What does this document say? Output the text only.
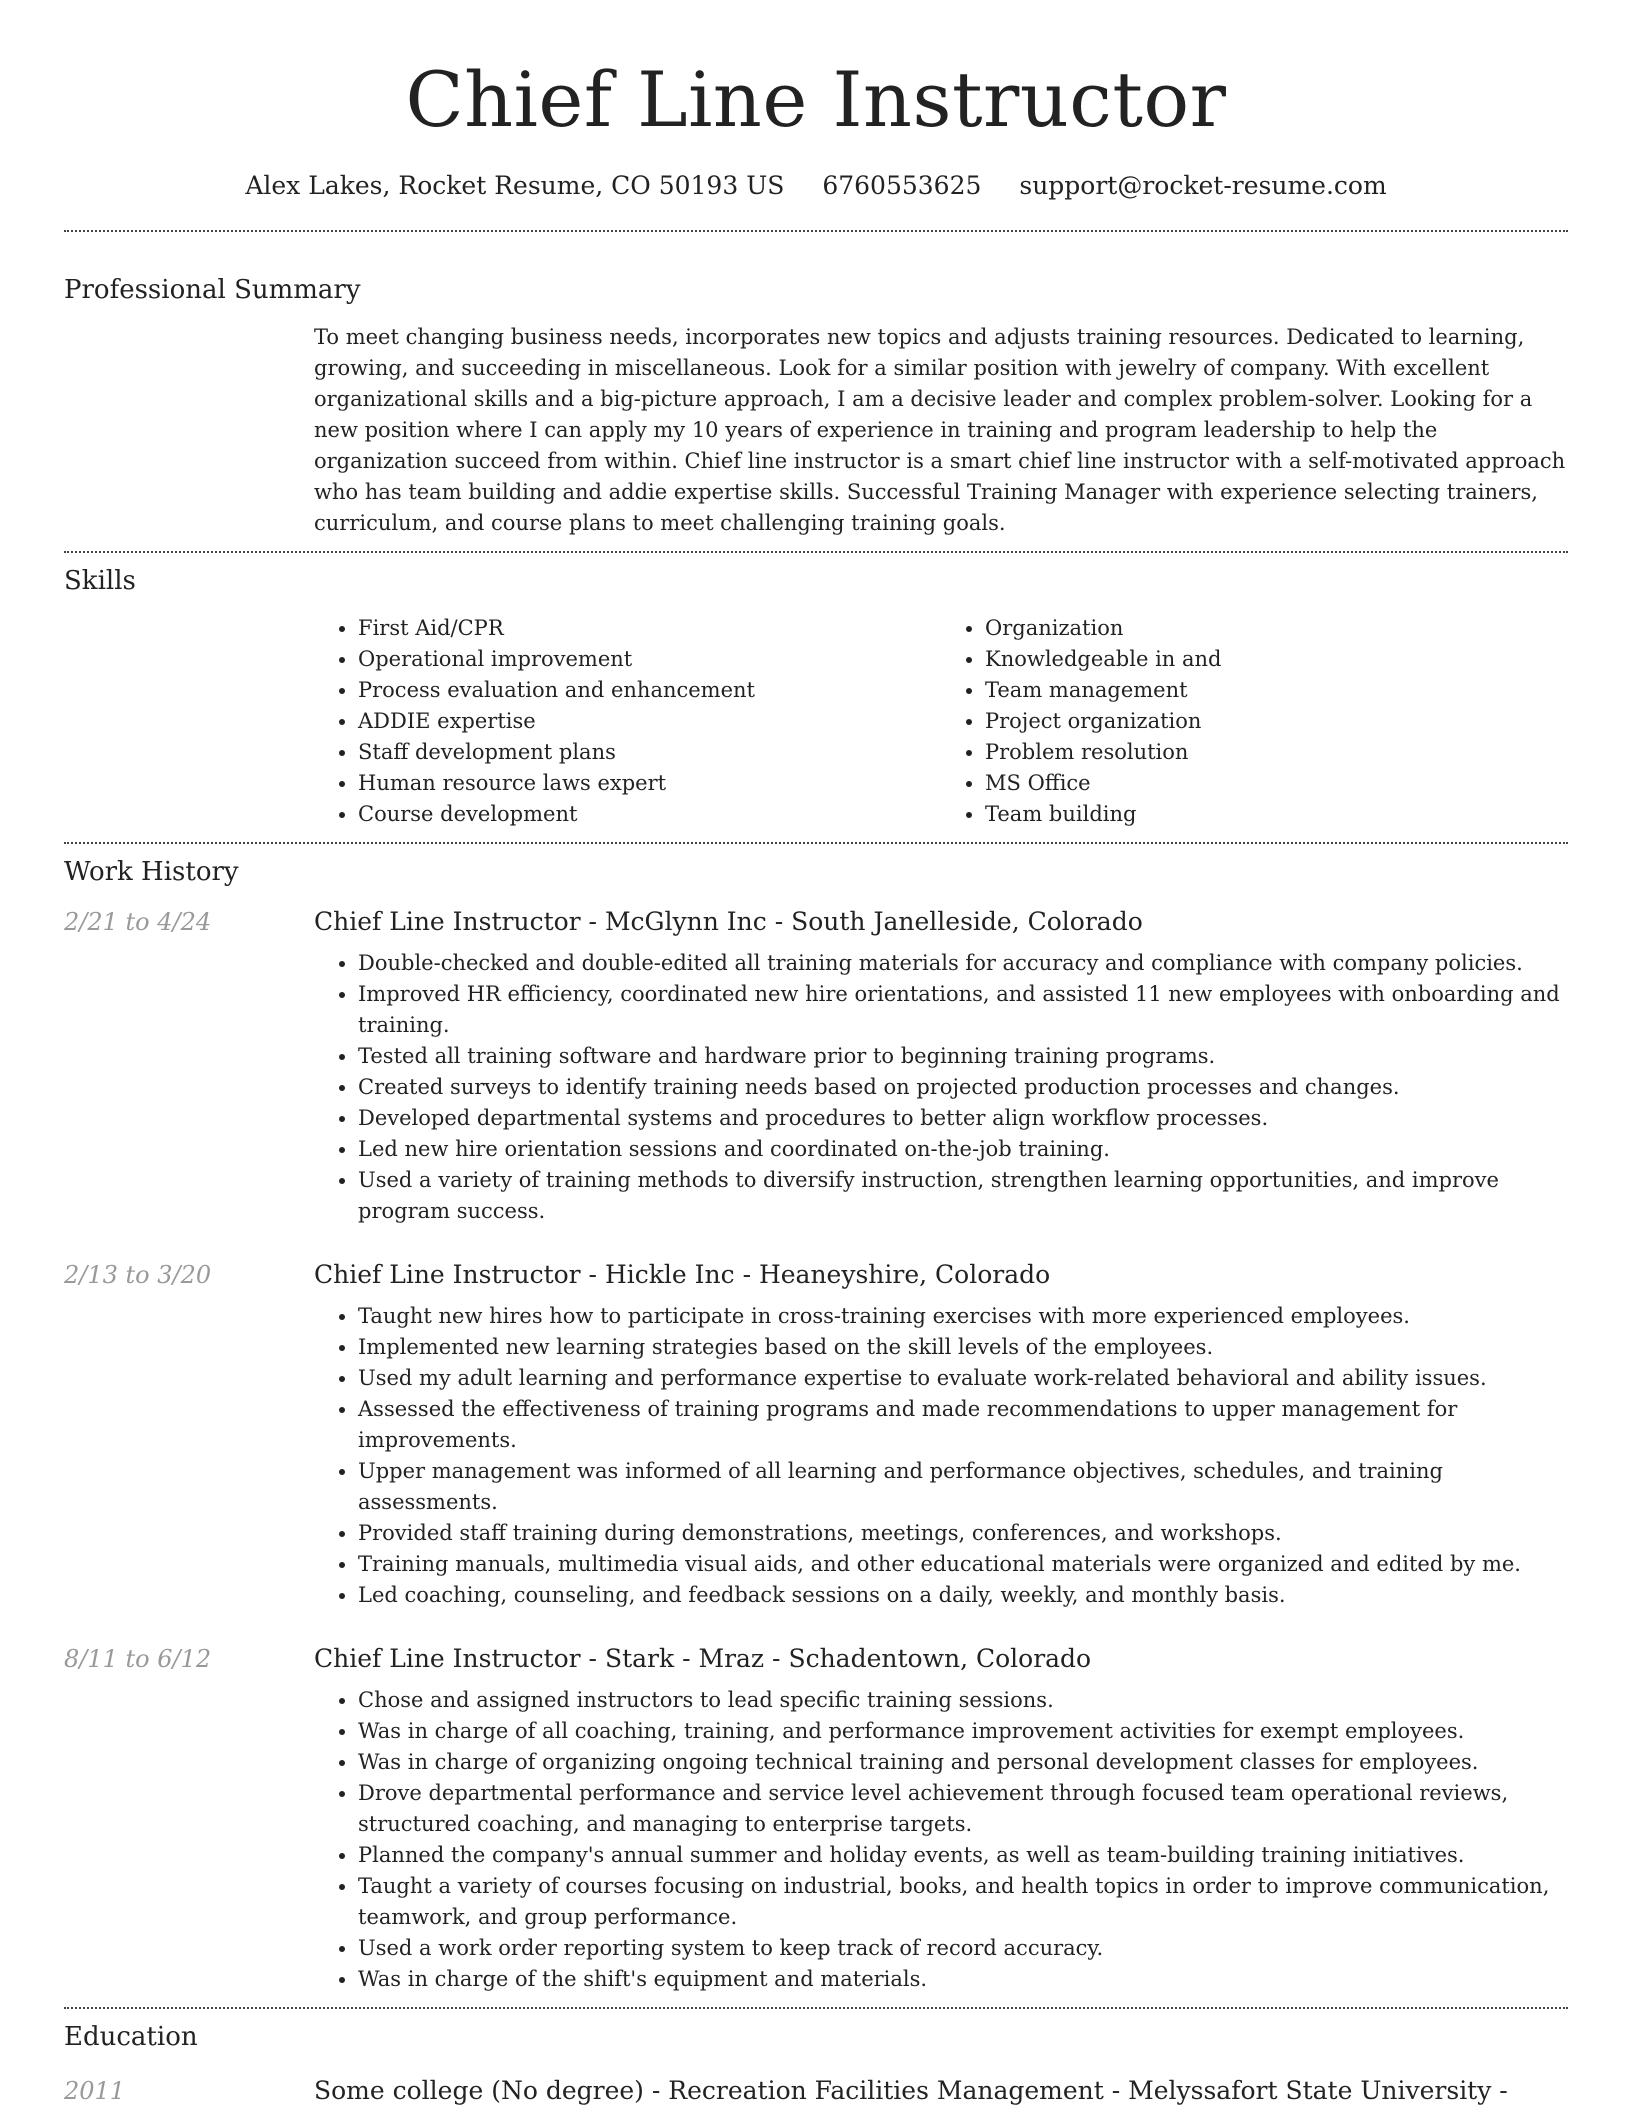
Chief Line Instructor
Alex Lakes, Rocket Resume, CO 50193 US 6760553625 support@rocket-resume.com
Professional Summary
To meet changing business needs, incorporates new topics and adjusts training resources. Dedicated to learning, growing, and succeeding in miscellaneous. Look for a similar position with jewelry of company. With excellent organizational skills and a big-picture approach, I am a decisive leader and complex problem-solver. Looking for a new position where I can apply my 10 years of experience in training and program leadership to help the organization succeed from within. Chief line instructor is a smart chief line instructor with a self-motivated approach who has team building and addie expertise skills. Successful Training Manager with experience selecting trainers, curriculum, and course plans to meet challenging training goals.
Skills
• First Aid/CPR
• Operational improvement
• Process evaluation and enhancement
• ADDIE expertise
• Staff development plans
• Human resource laws expert
• Course development
• Organization
• Knowledgeable in and
• Team management
• Project organization
• Problem resolution
• MS Office
• Team building
Work History
2/21 to 4/24	Chief Line Instructor - McGlynn Inc - South Janelleside, Colorado
• Double-checked and double-edited all training materials for accuracy and compliance with company policies.
• Improved HR efficiency, coordinated new hire orientations, and assisted 11 new employees with onboarding and training.
• Tested all training software and hardware prior to beginning training programs.
• Created surveys to identify training needs based on projected production processes and changes.
• Developed departmental systems and procedures to better align workflow processes.
• Led new hire orientation sessions and coordinated on-the-job training.
• Used a variety of training methods to diversify instruction, strengthen learning opportunities, and improve program success.
2/13 to 3/20	Chief Line Instructor - Hickle Inc - Heaneyshire, Colorado
• Taught new hires how to participate in cross-training exercises with more experienced employees.
• Implemented new learning strategies based on the skill levels of the employees.
• Used my adult learning and performance expertise to evaluate work-related behavioral and ability issues.
• Assessed the effectiveness of training programs and made recommendations to upper management for improvements.
• Upper management was informed of all learning and performance objectives, schedules, and training assessments.
• Provided staff training during demonstrations, meetings, conferences, and workshops.
• Training manuals, multimedia visual aids, and other educational materials were organized and edited by me.
• Led coaching, counseling, and feedback sessions on a daily, weekly, and monthly basis.
8/11 to 6/12	Chief Line Instructor - Stark - Mraz - Schadentown, Colorado
• Chose and assigned instructors to lead specific training sessions.
• Was in charge of all coaching, training, and performance improvement activities for exempt employees.
• Was in charge of organizing ongoing technical training and personal development classes for employees.
• Drove departmental performance and service level achievement through focused team operational reviews, structured coaching, and managing to enterprise targets.
• Planned the company's annual summer and holiday events, as well as team-building training initiatives.
• Taught a variety of courses focusing on industrial, books, and health topics in order to improve communication, teamwork, and group performance.
• Used a work order reporting system to keep track of record accuracy.
• Was in charge of the shift's equipment and materials.
Education
2011	Some college (No degree) - Recreation Facilities Management - Melyssafort State University -
